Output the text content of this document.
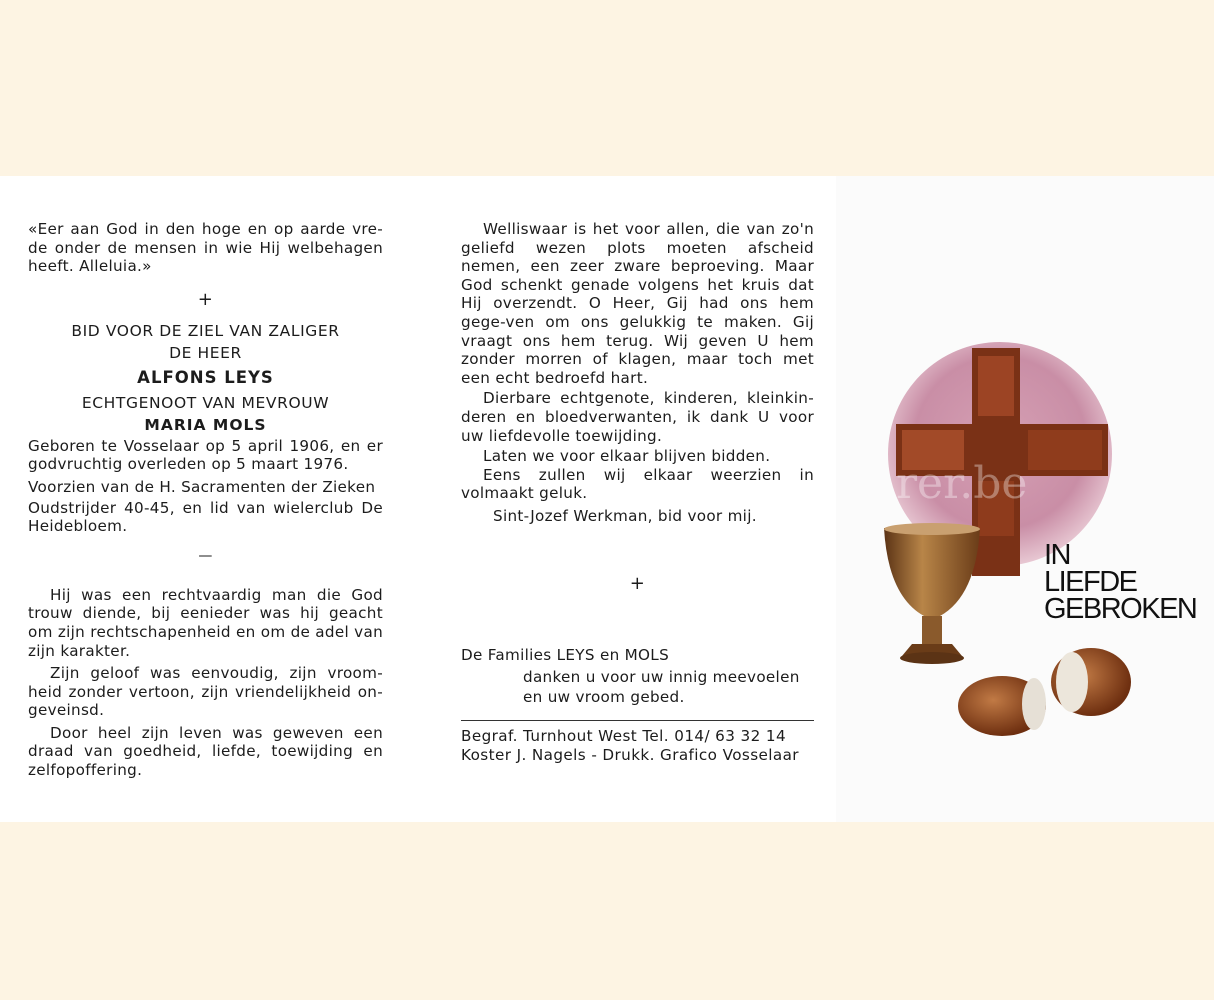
«Eer aan God in den hoge en op aarde vre-de onder de mensen in wie Hij welbehagen heeft. Alleluia.»

+

BID VOOR DE ZIEL VAN ZALIGER

DE HEER

ALFONS LEYS

ECHTGENOOT VAN MEVROUW

MARIA MOLS

Geboren te Vosselaar op 5 april 1906, en er godvruchtig overleden op 5 maart 1976.

Voorzien van de H. Sacramenten der Zieken

Oudstrijder 40-45, en lid van wielerclub De Heidebloem.

—

Hij was een rechtvaardig man die God trouw diende, bij eenieder was hij geacht om zijn rechtschapenheid en om de adel van zijn karakter.

Zijn geloof was eenvoudig, zijn vroom-heid zonder vertoon, zijn vriendelijkheid on-geveinsd.

Door heel zijn leven was geweven een draad van goedheid, liefde, toewijding en zelfopoffering.

Welliswaar is het voor allen, die van zo'n geliefd wezen plots moeten afscheid nemen, een zeer zware beproeving. Maar God schenkt genade volgens het kruis dat Hij overzendt. O Heer, Gij had ons hem gege-ven om ons gelukkig te maken. Gij vraagt ons hem terug. Wij geven U hem zonder morren of klagen, maar toch met een echt bedroefd hart.

Dierbare echtgenote, kinderen, kleinkin-deren en bloedverwanten, ik dank U voor uw liefdevolle toewijding.

Laten we voor elkaar blijven bidden.

Eens zullen wij elkaar weerzien in volmaakt geluk.

Sint-Jozef Werkman, bid voor mij.

+

De Families LEYS en MOLS

danken u voor uw innig meevoelen

en uw vroom gebed.

Begraf. Turnhout West Tel. 014/ 63 32 14

Koster J. Nagels - Drukk. Grafico Vosselaar

rer.be
IN
LIEFDE
GEBROKEN
